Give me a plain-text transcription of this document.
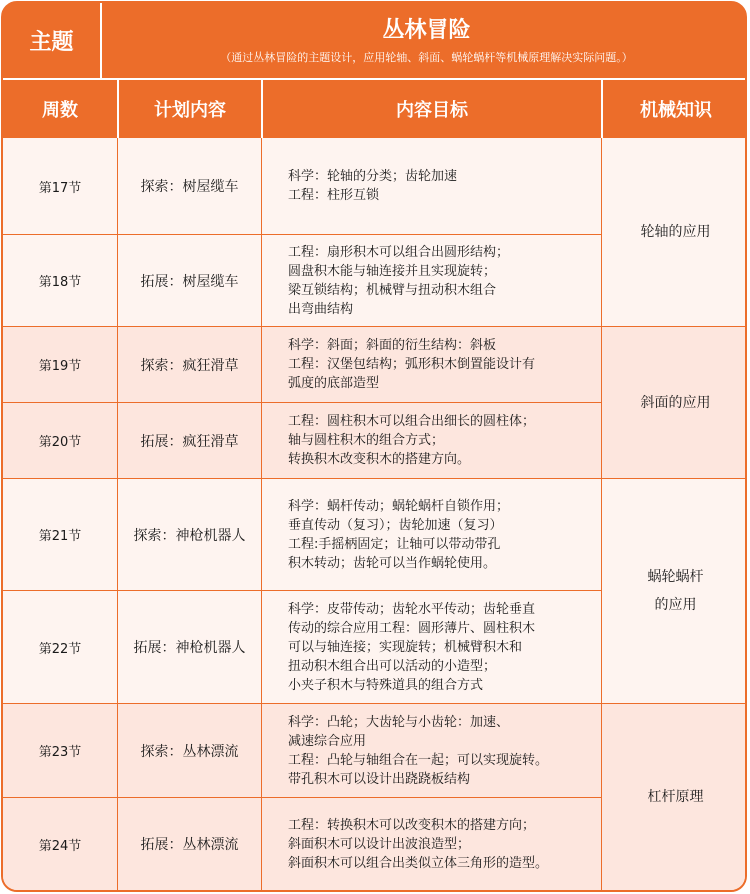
主题	丛林冒险
（通过丛林冒险的主题设计，应用轮轴、斜面、蜗轮蜗杆等机械原理解决实际问题。）
周数	计划内容	内容目标	机械知识
第17节	探索：树屋缆车
科学：轮轴的分类；齿轮加速
工程：柱形互锁
第18节	拓展：树屋缆车
工程：扇形积木可以组合出圆形结构；
圆盘积木能与轴连接并且实现旋转；
梁互锁结构；机械臂与扭动积木组合
出弯曲结构
轮轴的应用
第19节	探索：疯狂滑草
科学：斜面；斜面的衍生结构：斜板
工程：汉堡包结构；弧形积木倒置能设计有
弧度的底部造型
第20节	拓展：疯狂滑草
工程：圆柱积木可以组合出细长的圆柱体；
轴与圆柱积木的组合方式；
转换积木改变积木的搭建方向。
斜面的应用
第21节	探索：神枪机器人
科学：蜗杆传动；蜗轮蜗杆自锁作用；
垂直传动（复习）；齿轮加速（复习）
工程:手摇柄固定；让轴可以带动带孔
积木转动；齿轮可以当作蜗轮使用。
第22节	拓展：神枪机器人
科学：皮带传动；齿轮水平传动；齿轮垂直
传动的综合应用工程：圆形薄片、圆柱积木
可以与轴连接；实现旋转；机械臂积木和
扭动积木组合出可以活动的小造型；
小夹子积木与特殊道具的组合方式
蜗轮蜗杆
的应用
第23节	探索：丛林漂流
科学：凸轮；大齿轮与小齿轮：加速、
减速综合应用
工程：凸轮与轴组合在一起；可以实现旋转。
带孔积木可以设计出跷跷板结构
第24节	拓展：丛林漂流
工程：转换积木可以改变积木的搭建方向；
斜面积木可以设计出波浪造型；
斜面积木可以组合出类似立体三角形的造型。
杠杆原理
